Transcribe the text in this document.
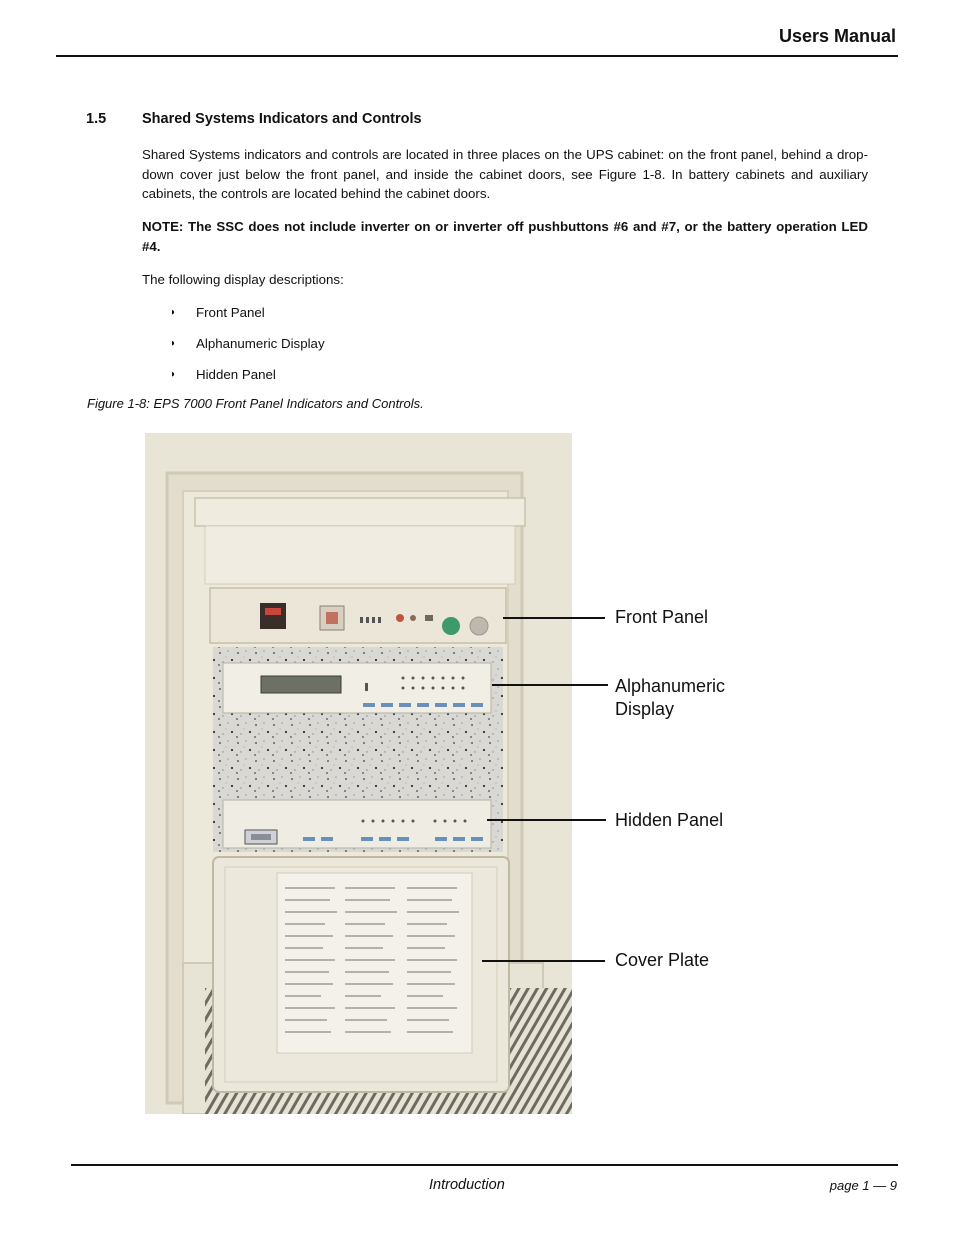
Users Manual
1.5 Shared Systems Indicators and Controls

Shared Systems indicators and controls are located in three places on the UPS cabinet: on the front panel, behind a drop-down cover just below the front panel, and inside the cabinet doors, see Figure 1-8. In battery cabinets and auxiliary cabinets, the controls are located behind the cabinet doors.

NOTE: The SSC does not include inverter on or inverter off pushbuttons #6 and #7, or the battery operation LED #4.

The following display descriptions:

◗	Front Panel
◗	Alphanumeric Display
◗	Hidden Panel
Figure 1-8: EPS 7000 Front Panel Indicators and Controls.
Front Panel
Alphanumeric
Display
Hidden Panel
Cover Plate
Introduction	page 1 — 9
